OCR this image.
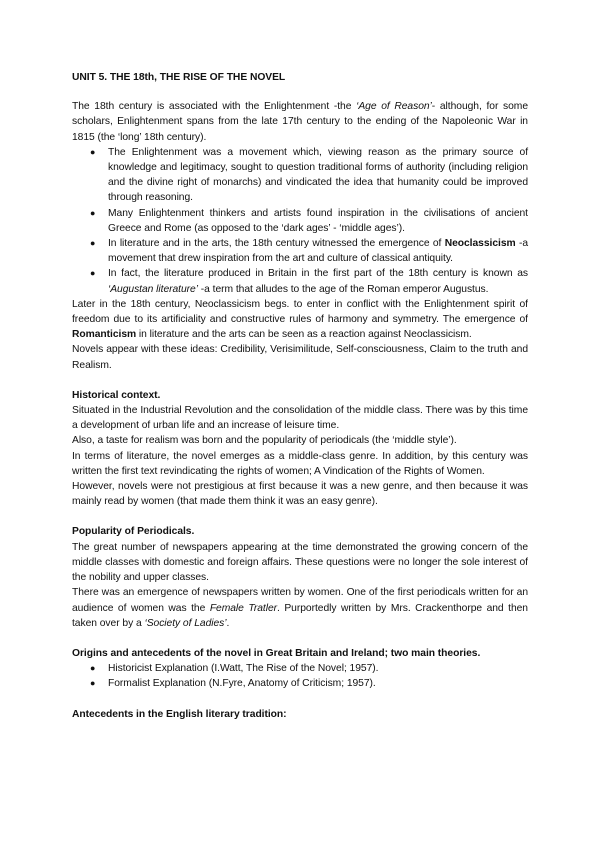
UNIT 5. THE 18th, THE RISE OF THE NOVEL

The 18th century is associated with the Enlightenment -the ‘Age of Reason’- although, for some scholars, Enlightenment spans from the late 17th century to the ending of the Napoleonic War in 1815 (the ‘long’ 18th century).

● The Enlightenment was a movement which, viewing reason as the primary source of knowledge and legitimacy, sought to question traditional forms of authority (including religion and the divine right of monarchs) and vindicated the idea that humanity could be improved through reasoning.
● Many Enlightenment thinkers and artists found inspiration in the civilisations of ancient Greece and Rome (as opposed to the ‘dark ages’ - ‘middle ages’).
● In literature and in the arts, the 18th century witnessed the emergence of Neoclassicism -a movement that drew inspiration from the art and culture of classical antiquity.
● In fact, the literature produced in Britain in the first part of the 18th century is known as ‘Augustan literature’ -a term that alludes to the age of the Roman emperor Augustus.

Later in the 18th century, Neoclassicism begs. to enter in conflict with the Enlightenment spirit of freedom due to its artificiality and constructive rules of harmony and symmetry. The emergence of Romanticism in literature and the arts can be seen as a reaction against Neoclassicism.

Novels appear with these ideas: Credibility, Verisimilitude, Self-consciousness, Claim to the truth and Realism.

Historical context.

Situated in the Industrial Revolution and the consolidation of the middle class. There was by this time a development of urban life and an increase of leisure time.

Also, a taste for realism was born and the popularity of periodicals (the ‘middle style’).

In terms of literature, the novel emerges as a middle-class genre. In addition, by this century was written the first text revindicating the rights of women; A Vindication of the Rights of Women.

However, novels were not prestigious at first because it was a new genre, and then because it was mainly read by women (that made them think it was an easy genre).

Popularity of Periodicals.

The great number of newspapers appearing at the time demonstrated the growing concern of the middle classes with domestic and foreign affairs. These questions were no longer the sole interest of the nobility and upper classes.

There was an emergence of newspapers written by women. One of the first periodicals written for an audience of women was the Female Tratler. Purportedly written by Mrs. Crackenthorpe and then taken over by a ‘Society of Ladies’.

Origins and antecedents of the novel in Great Britain and Ireland; two main theories.
● Historicist Explanation (I.Watt, The Rise of the Novel; 1957).
● Formalist Explanation (N.Fyre, Anatomy of Criticism; 1957).
Antecedents in the English literary tradition:
